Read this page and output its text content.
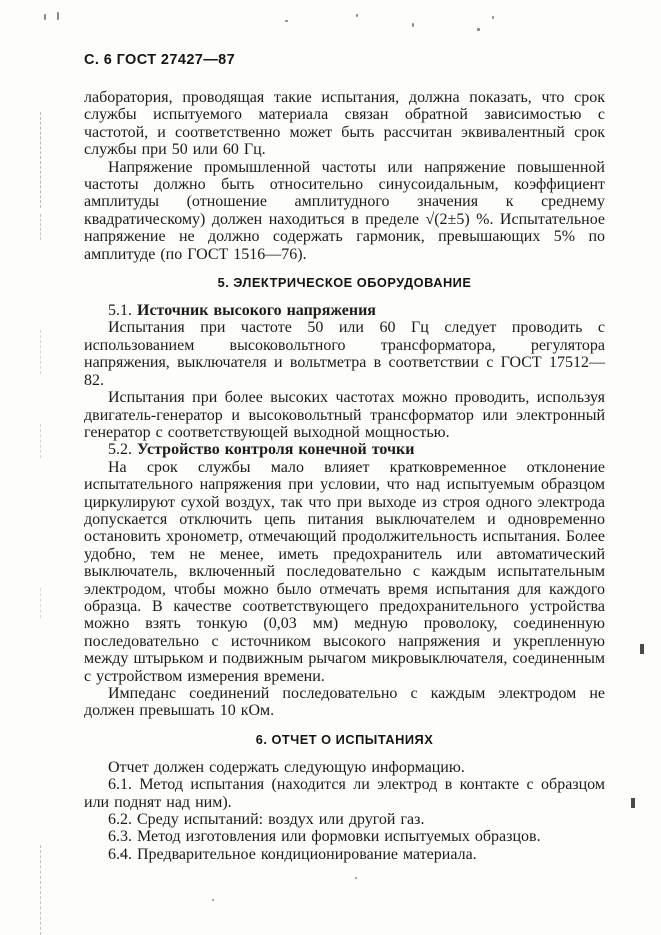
С. 6 ГОСТ 27427—87

лаборатория, проводящая такие испытания, должна показать, что срок службы испытуемого материала связан обратной зависимостью с частотой, и соответственно может быть рассчитан эквивалентный срок службы при 50 или 60 Гц.

Напряжение промышленной частоты или напряжение повышенной частоты должно быть относительно синусоидальным, коэффициент амплитуды (отношение амплитудного значения к среднему квадратическому) должен находиться в пределе √(2±5) %. Испытательное напряжение не должно содержать гармоник, превышающих 5% по амплитуде (по ГОСТ 1516—76).

5. ЭЛЕКТРИЧЕСКОЕ ОБОРУДОВАНИЕ

5.1. Источник высокого напряжения

Испытания при частоте 50 или 60 Гц следует проводить с использованием высоковольтного трансформатора, регулятора напряжения, выключателя и вольтметра в соответствии с ГОСТ 17512—82.

Испытания при более высоких частотах можно проводить, используя двигатель-генератор и высоковольтный трансформатор или электронный генератор с соответствующей выходной мощностью.

5.2. Устройство контроля конечной точки

На срок службы мало влияет кратковременное отклонение испытательного напряжения при условии, что над испытуемым образцом циркулируют сухой воздух, так что при выходе из строя одного электрода допускается отключить цепь питания выключателем и одновременно остановить хронометр, отмечающий продолжительность испытания. Более удобно, тем не менее, иметь предохранитель или автоматический выключатель, включенный последовательно с каждым испытательным электродом, чтобы можно было отмечать время испытания для каждого образца. В качестве соответствующего предохранительного устройства можно взять тонкую (0,03 мм) медную проволоку, соединенную последовательно с источником высокого напряжения и укрепленную между штырьком и подвижным рычагом микровыключателя, соединенным с устройством измерения времени.

Импеданс соединений последовательно с каждым электродом не должен превышать 10 кОм.

6. ОТЧЕТ О ИСПЫТАНИЯХ

Отчет должен содержать следующую информацию.

6.1. Метод испытания (находится ли электрод в контакте с образцом или поднят над ним).

6.2. Среду испытаний: воздух или другой газ.

6.3. Метод изготовления или формовки испытуемых образцов.

6.4. Предварительное кондиционирование материала.
